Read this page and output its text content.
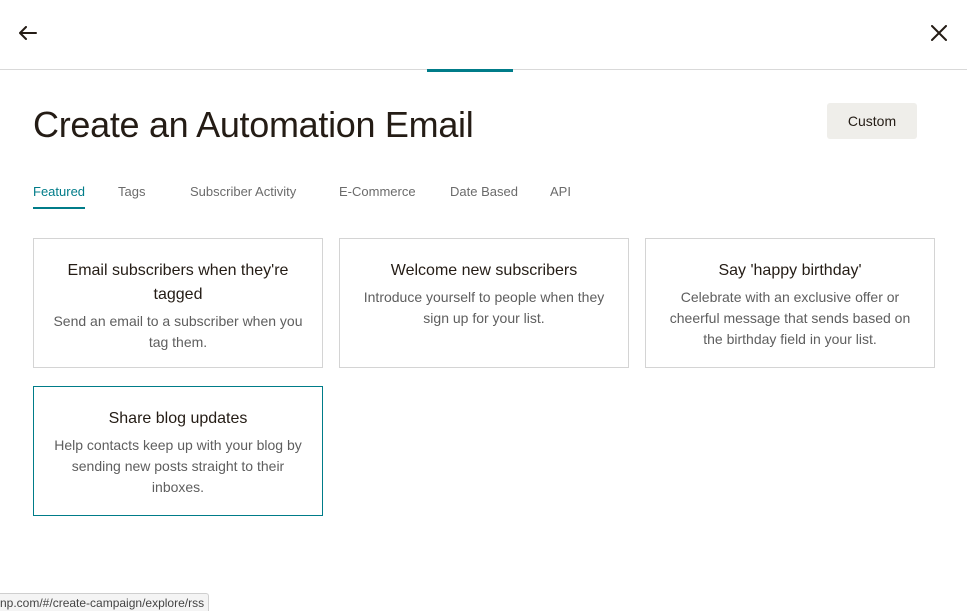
Create an Automation Email	Custom
Featured	Tags	Subscriber Activity	E-Commerce	Date Based API
Email subscribers when they're tagged
Send an email to a subscriber when you tag them.
Welcome new subscribers
Introduce yourself to people when they sign up for your list.
Say 'happy birthday'
Celebrate with an exclusive offer or cheerful message that sends based on the birthday field in your list.
Share blog updates
Help contacts keep up with your blog by sending new posts straight to their inboxes.
np.com/#/create-campaign/explore/rss
